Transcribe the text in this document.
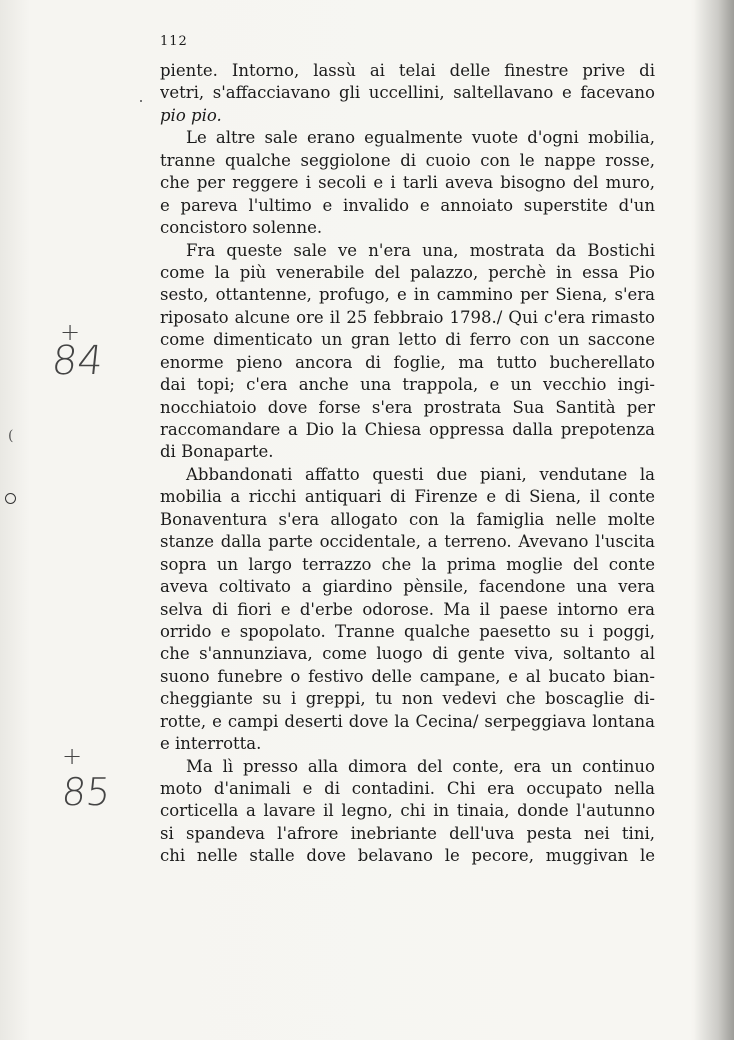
112
(
+
84
+
85
piente. Intorno, lassù ai telai delle finestre prive di
vetri, s'affacciavano gli uccellini, saltellavano e facevano
pio pio.
Le altre sale erano egualmente vuote d'ogni mobilia,
tranne qualche seggiolone di cuoio con le nappe rosse,
che per reggere i secoli e i tarli aveva bisogno del muro,
e pareva l'ultimo e invalido e annoiato superstite d'un
concistoro solenne.
Fra queste sale ve n'era una, mostrata da Bostichi
come la più venerabile del palazzo, perchè in essa Pio
sesto, ottantenne, profugo, e in cammino per Siena, s'era
riposato alcune ore il 25 febbraio 1798./ Qui c'era rimasto
come dimenticato un gran letto di ferro con un saccone
enorme pieno ancora di foglie, ma tutto bucherellato
dai topi; c'era anche una trappola, e un vecchio ingi-
nocchiatoio dove forse s'era prostrata Sua Santità per
raccomandare a Dio la Chiesa oppressa dalla prepotenza
di Bonaparte.
Abbandonati affatto questi due piani, vendutane la
mobilia a ricchi antiquari di Firenze e di Siena, il conte
Bonaventura s'era allogato con la famiglia nelle molte
stanze dalla parte occidentale, a terreno. Avevano l'uscita
sopra un largo terrazzo che la prima moglie del conte
aveva coltivato a giardino pènsile, facendone una vera
selva di fiori e d'erbe odorose. Ma il paese intorno era
orrido e spopolato. Tranne qualche paesetto su i poggi,
che s'annunziava, come luogo di gente viva, soltanto al
suono funebre o festivo delle campane, e al bucato bian-
cheggiante su i greppi, tu non vedevi che boscaglie di-
rotte, e campi deserti dove la Cecina/ serpeggiava lontana
e interrotta.
Ma lì presso alla dimora del conte, era un continuo
moto d'animali e di contadini. Chi era occupato nella
corticella a lavare il legno, chi in tinaia, donde l'autunno
si spandeva l'afrore inebriante dell'uva pesta nei tini,
chi nelle stalle dove belavano le pecore, muggivan le
